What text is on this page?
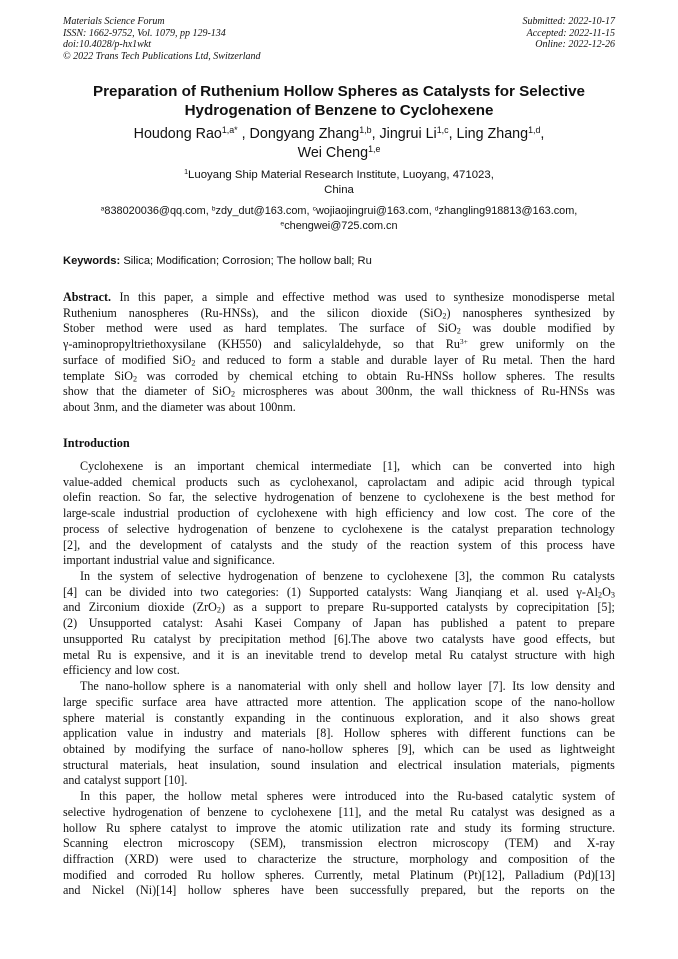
Materials Science Forum
ISSN: 1662-9752, Vol. 1079, pp 129-134
doi:10.4028/p-hx1wkt
© 2022 Trans Tech Publications Ltd, Switzerland
Submitted: 2022-10-17
Accepted: 2022-11-15
Online: 2022-12-26
Preparation of Ruthenium Hollow Spheres as Catalysts for Selective
Hydrogenation of Benzene to Cyclohexene
Houdong Rao$^{1,a*}$ , Dongyang Zhang$^{1,b}$, Jingrui Li$^{1,c}$, Ling Zhang$^{1,d}$,
Wei Cheng$^{1,e}$
$^1$Luoyang Ship Material Research Institute, Luoyang, 471023,
China
$^a$838020036@qq.com, $^b$zdy_dut@163.com, $^c$wojiaojingrui@163.com, $^d$zhangling918813@163.com,
$^e$chengwei@725.com.cn
Keywords: Silica; Modification; Corrosion; The hollow ball; Ru
Abstract. In this paper, a simple and effective method was used to synthesize monodisperse metal
Ruthenium nanospheres (Ru-HNSs), and the silicon dioxide (SiO$_2$) nanospheres synthesized by
Stober method were used as hard templates. The surface of SiO$_2$ was double modified by
γ-aminopropyltriethoxysilane (KH550) and salicylaldehyde, so that $Ru^{3+}$ grew uniformly on the
surface of modified SiO$_2$ and reduced to form a stable and durable layer of Ru metal. Then the hard
template SiO$_2$ was corroded by chemical etching to obtain Ru-HNSs hollow spheres. The results
show that the diameter of SiO$_2$ microspheres was about 300nm, the wall thickness of Ru-HNSs was
about 3nm, and the diameter was about 100nm.
Introduction
Cyclohexene is an important chemical intermediate [1], which can be converted into high
value-added chemical products such as cyclohexanol, caprolactam and adipic acid through typical
olefin reaction. So far, the selective hydrogenation of benzene to cyclohexene is the best method for
large-scale industrial production of cyclohexene with high efficiency and low cost. The core of the
process of selective hydrogenation of benzene to cyclohexene is the catalyst preparation technology
[2], and the development of catalysts and the study of the reaction system of this process have
important industrial value and significance.
In the system of selective hydrogenation of benzene to cyclohexene [3], the common Ru catalysts
[4] can be divided into two categories: (1) Supported catalysts: Wang Jianqiang et al. used $\gamma-Al_2O_3$
and Zirconium dioxide (ZrO$_2$) as a support to prepare Ru-supported catalysts by coprecipitation [5];
(2) Unsupported catalyst: Asahi Kasei Company of Japan has published a patent to prepare
unsupported Ru catalyst by precipitation method [6].The above two catalysts have good effects, but
metal Ru is expensive, and it is an inevitable trend to develop metal Ru catalyst structure with high
efficiency and low cost.
The nano-hollow sphere is a nanomaterial with only shell and hollow layer [7]. Its low density and
large specific surface area have attracted more attention. The application scope of the nano-hollow
sphere material is constantly expanding in the continuous exploration, and it also shows great
application value in industry and materials [8]. Hollow spheres with different functions can be
obtained by modifying the surface of nano-hollow spheres [9], which can be used as lightweight
structural materials, heat insulation, sound insulation and electrical insulation materials, pigments
and catalyst support [10].
In this paper, the hollow metal spheres were introduced into the Ru-based catalytic system of
selective hydrogenation of benzene to cyclohexene [11], and the metal Ru catalyst was designed as a
hollow Ru sphere catalyst to improve the atomic utilization rate and study its forming structure.
Scanning electron microscopy (SEM), transmission electron microscopy (TEM) and X-ray
diffraction (XRD) were used to characterize the structure, morphology and composition of the
modified and corroded Ru hollow spheres. Currently, metal Platinum (Pt)[12], Palladium (Pd)[13]
and Nickel (Ni)[14] hollow spheres have been successfully prepared, but the reports on the
